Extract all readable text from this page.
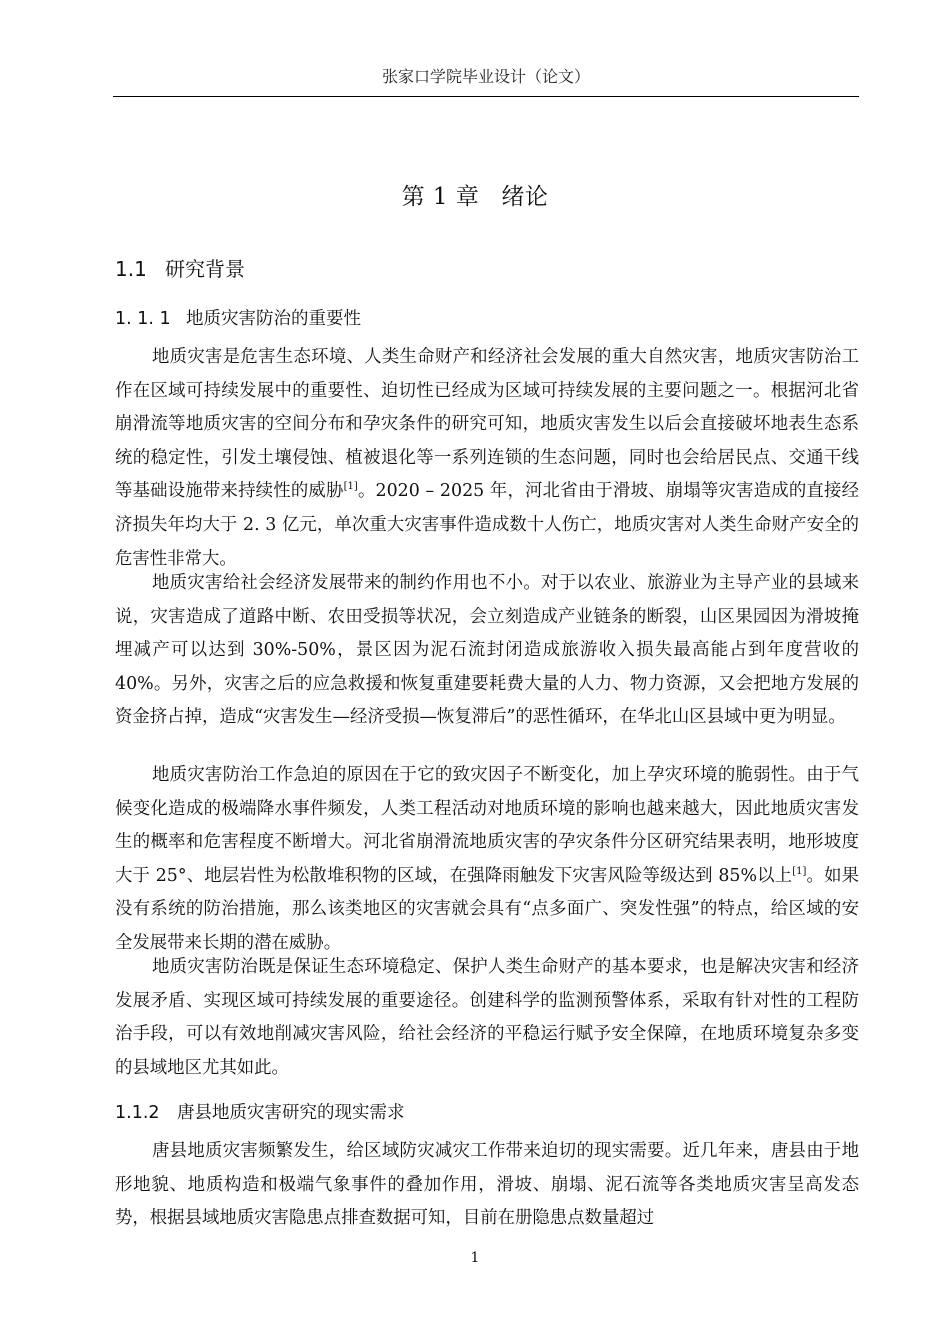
张家口学院毕业设计（论文）
第 1 章 绪论
1.1 研究背景
1. 1. 1 地质灾害防治的重要性

地质灾害是危害生态环境、人类生命财产和经济社会发展的重大自然灾害，地质灾害防治工作在区域可持续发展中的重要性、迫切性已经成为区域可持续发展的主要问题之一。根据河北省崩滑流等地质灾害的空间分布和孕灾条件的研究可知，地质灾害发生以后会直接破坏地表生态系统的稳定性，引发土壤侵蚀、植被退化等一系列连锁的生态问题，同时也会给居民点、交通干线等基础设施带来持续性的威胁[1]。2020 – 2025 年，河北省由于滑坡、崩塌等灾害造成的直接经济损失年均大于 2. 3 亿元，单次重大灾害事件造成数十人伤亡，地质灾害对人类生命财产安全的危害性非常大。

地质灾害给社会经济发展带来的制约作用也不小。对于以农业、旅游业为主导产业的县域来说，灾害造成了道路中断、农田受损等状况，会立刻造成产业链条的断裂，山区果园因为滑坡掩埋减产可以达到 30%-50%，景区因为泥石流封闭造成旅游收入损失最高能占到年度营收的 40%。另外，灾害之后的应急救援和恢复重建要耗费大量的人力、物力资源，又会把地方发展的资金挤占掉，造成“灾害发生—经济受损—恢复滞后”的恶性循环，在华北山区县域中更为明显。

地质灾害防治工作急迫的原因在于它的致灾因子不断变化，加上孕灾环境的脆弱性。由于气候变化造成的极端降水事件频发，人类工程活动对地质环境的影响也越来越大，因此地质灾害发生的概率和危害程度不断增大。河北省崩滑流地质灾害的孕灾条件分区研究结果表明，地形坡度大于 25°、地层岩性为松散堆积物的区域，在强降雨触发下灾害风险等级达到 85%以上[1]。如果没有系统的防治措施，那么该类地区的灾害就会具有“点多面广、突发性强”的特点，给区域的安全发展带来长期的潜在威胁。

地质灾害防治既是保证生态环境稳定、保护人类生命财产的基本要求，也是解决灾害和经济发展矛盾、实现区域可持续发展的重要途径。创建科学的监测预警体系，采取有针对性的工程防治手段，可以有效地削减灾害风险，给社会经济的平稳运行赋予安全保障，在地质环境复杂多变的县域地区尤其如此。

1.1.2 唐县地质灾害研究的现实需求

唐县地质灾害频繁发生，给区域防灾减灾工作带来迫切的现实需要。近几年来，唐县由于地形地貌、地质构造和极端气象事件的叠加作用，滑坡、崩塌、泥石流等各类地质灾害呈高发态势，根据县域地质灾害隐患点排查数据可知，目前在册隐患点数量超过

1
